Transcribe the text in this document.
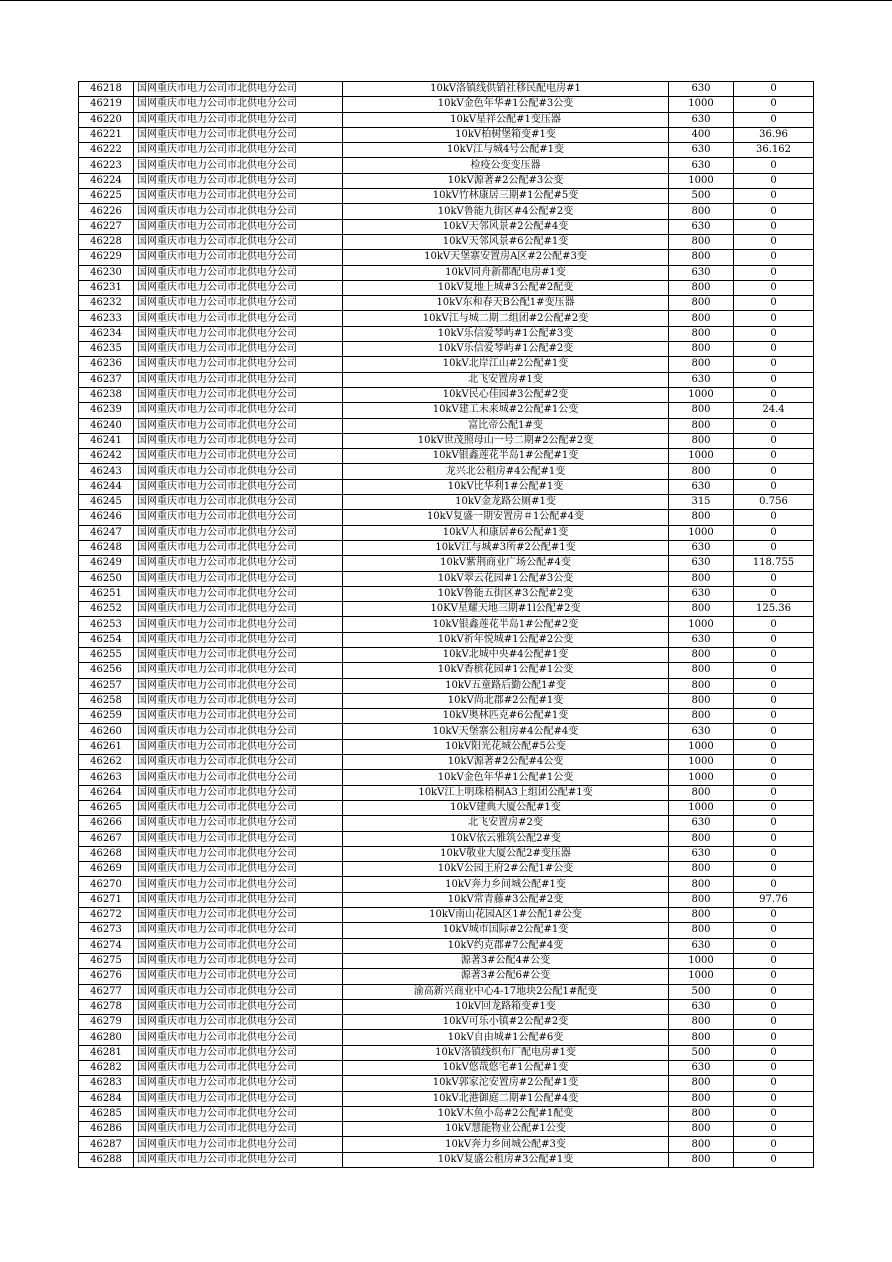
46218	国网重庆市电力公司市北供电分公司	10kV洛镇线供销社移民配电房#1	630	0
46219	国网重庆市电力公司市北供电分公司	10kV金色年华#1公配#3公变	1000	0
46220	国网重庆市电力公司市北供电分公司	10kV星祥公配#1变压器	630	0
46221	国网重庆市电力公司市北供电分公司	10kV柏树堡箱变#1变	400	36.96
46222	国网重庆市电力公司市北供电分公司	10kV江与城4号公配#1变	630	36.162
46223	国网重庆市电力公司市北供电分公司	检疫公变变压器	630	0
46224	国网重庆市电力公司市北供电分公司	10kV源著#2公配#3公变	1000	0
46225	国网重庆市电力公司市北供电分公司	10kV竹林康居三期#1公配#5变	500	0
46226	国网重庆市电力公司市北供电分公司	10kV鲁能九街区#4公配#2变	800	0
46227	国网重庆市电力公司市北供电分公司	10kV天邻风景#2公配#4变	630	0
46228	国网重庆市电力公司市北供电分公司	10kV天邻风景#6公配#1变	800	0
46229	国网重庆市电力公司市北供电分公司	10kV天堡寨安置房A区#2公配#3变	800	0
46230	国网重庆市电力公司市北供电分公司	10kV同舟新都配电房#1变	630	0
46231	国网重庆市电力公司市北供电分公司	10kV复地上城#3公配#2配变	800	0
46232	国网重庆市电力公司市北供电分公司	10kV东和春天B公配1#变压器	800	0
46233	国网重庆市电力公司市北供电分公司	10kV江与城二期二组团#2公配#2变	800	0
46234	国网重庆市电力公司市北供电分公司	10kV乐信爱琴屿#1公配#3变	800	0
46235	国网重庆市电力公司市北供电分公司	10kV乐信爱琴屿#1公配#2变	800	0
46236	国网重庆市电力公司市北供电分公司	10kV北岸江山#2公配#1变	800	0
46237	国网重庆市电力公司市北供电分公司	北飞安置房#1变	630	0
46238	国网重庆市电力公司市北供电分公司	10kV民心佳园#3公配#2变	1000	0
46239	国网重庆市电力公司市北供电分公司	10kV建工未来城#2公配#1公变	800	24.4
46240	国网重庆市电力公司市北供电分公司	富比帝公配1#变	800	0
46241	国网重庆市电力公司市北供电分公司	10kV世茂照母山一号二期#2公配#2变	800	0
46242	国网重庆市电力公司市北供电分公司	10kV银鑫莲花半岛1#公配#1变	1000	0
46243	国网重庆市电力公司市北供电分公司	龙兴北公租房#4公配#1变	800	0
46244	国网重庆市电力公司市北供电分公司	10kV比华利1#公配#1变	630	0
46245	国网重庆市电力公司市北供电分公司	10kV金龙路公厕#1变	315	0.756
46246	国网重庆市电力公司市北供电分公司	10kV复盛一期安置房＃1公配#4变	800	0
46247	国网重庆市电力公司市北供电分公司	10kV人和康居#6公配#1变	1000	0
46248	国网重庆市电力公司市北供电分公司	10kV江与城#3所#2公配#1变	630	0
46249	国网重庆市电力公司市北供电分公司	10kV紫荆商业广场公配#4变	630	118.755
46250	国网重庆市电力公司市北供电分公司	10kV翠云花园#1公配#3公变	800	0
46251	国网重庆市电力公司市北供电分公司	10kV鲁能五街区#3公配#2变	630	0
46252	国网重庆市电力公司市北供电分公司	10KV星耀天地三期#1l公配#2变	800	125.36
46253	国网重庆市电力公司市北供电分公司	10kV银鑫莲花半岛1#公配#2变	1000	0
46254	国网重庆市电力公司市北供电分公司	10kV祈年悦城#1公配#2公变	630	0
46255	国网重庆市电力公司市北供电分公司	10kV北城中央#4公配#1变	800	0
46256	国网重庆市电力公司市北供电分公司	10kV香槟花园#1公配#1公变	800	0
46257	国网重庆市电力公司市北供电分公司	10kV五童路后勤公配1#变	800	0
46258	国网重庆市电力公司市北供电分公司	10kV尚北郡#2公配#1变	800	0
46259	国网重庆市电力公司市北供电分公司	10kV奥林匹克#6公配#1变	800	0
46260	国网重庆市电力公司市北供电分公司	10kV天堡寨公租房#4公配#4变	630	0
46261	国网重庆市电力公司市北供电分公司	10kV阳光花城公配#5公变	1000	0
46262	国网重庆市电力公司市北供电分公司	10kV源著#2公配#4公变	1000	0
46263	国网重庆市电力公司市北供电分公司	10kV金色年华#1公配#1公变	1000	0
46264	国网重庆市电力公司市北供电分公司	10kV江上明珠梧桐A3上组团公配#1变	800	0
46265	国网重庆市电力公司市北供电分公司	10kV建典大厦公配#1变	1000	0
46266	国网重庆市电力公司市北供电分公司	北飞安置房#2变	630	0
46267	国网重庆市电力公司市北供电分公司	10kV依云雅筑公配2#变	800	0
46268	国网重庆市电力公司市北供电分公司	10kV敬业大厦公配2#变压器	630	0
46269	国网重庆市电力公司市北供电分公司	10kV公园王府2#公配1#公变	800	0
46270	国网重庆市电力公司市北供电分公司	10kV奔力乡间城公配#1变	800	0
46271	国网重庆市电力公司市北供电分公司	10kV常青藤#3公配#2变	800	97.76
46272	国网重庆市电力公司市北供电分公司	10kV南山花园A区1#公配1#公变	800	0
46273	国网重庆市电力公司市北供电分公司	10kV城市国际#2公配#1变	800	0
46274	国网重庆市电力公司市北供电分公司	10kV约克郡#7公配#4变	630	0
46275	国网重庆市电力公司市北供电分公司	源著3#公配4#公变	1000	0
46276	国网重庆市电力公司市北供电分公司	源著3#公配6#公变	1000	0
46277	国网重庆市电力公司市北供电分公司	渝高新兴商业中心4-17地块2公配1#配变	500	0
46278	国网重庆市电力公司市北供电分公司	10kV回龙路箱变#1变	630	0
46279	国网重庆市电力公司市北供电分公司	10kV可乐小镇#2公配#2变	800	0
46280	国网重庆市电力公司市北供电分公司	10kV自由城#1公配#6变	800	0
46281	国网重庆市电力公司市北供电分公司	10kV洛镇线织布厂配电房#1变	500	0
46282	国网重庆市电力公司市北供电分公司	10kV悠哉悠宅#1公配#1变	630	0
46283	国网重庆市电力公司市北供电分公司	10kV郭家沱安置房#2公配#1变	800	0
46284	国网重庆市电力公司市北供电分公司	10kV北港御庭二期#1公配#4变	800	0
46285	国网重庆市电力公司市北供电分公司	10kV木鱼小岛#2公配#1配变	800	0
46286	国网重庆市电力公司市北供电分公司	10kV慧能物业公配#1公变	800	0
46287	国网重庆市电力公司市北供电分公司	10kV奔力乡间城公配#3变	800	0
46288	国网重庆市电力公司市北供电分公司	10kV复盛公租房#3公配#1变	800	0
